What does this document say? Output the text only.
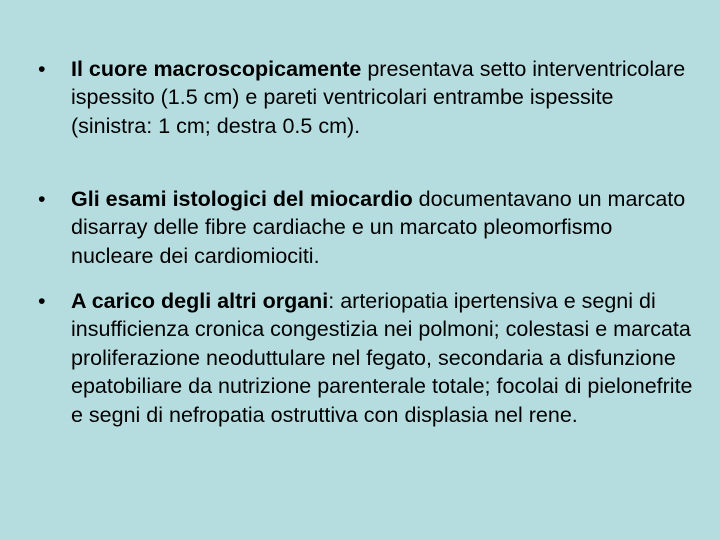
•	Il cuore macroscopicamente presentava setto interventricolare ispessito (1.5 cm) e pareti ventricolari entrambe ispessite (sinistra: 1 cm; destra 0.5 cm).
•	Gli esami istologici del miocardio documentavano un marcato disarray delle fibre cardiache e un marcato pleomorfismo nucleare dei cardiomiociti.
•	A carico degli altri organi: arteriopatia ipertensiva e segni di insufficienza cronica congestizia nei polmoni; colestasi e marcata proliferazione neoduttulare nel fegato, secondaria a disfunzione epatobiliare da nutrizione parenterale totale; focolai di pielonefrite e segni di nefropatia ostruttiva con displasia nel rene.
